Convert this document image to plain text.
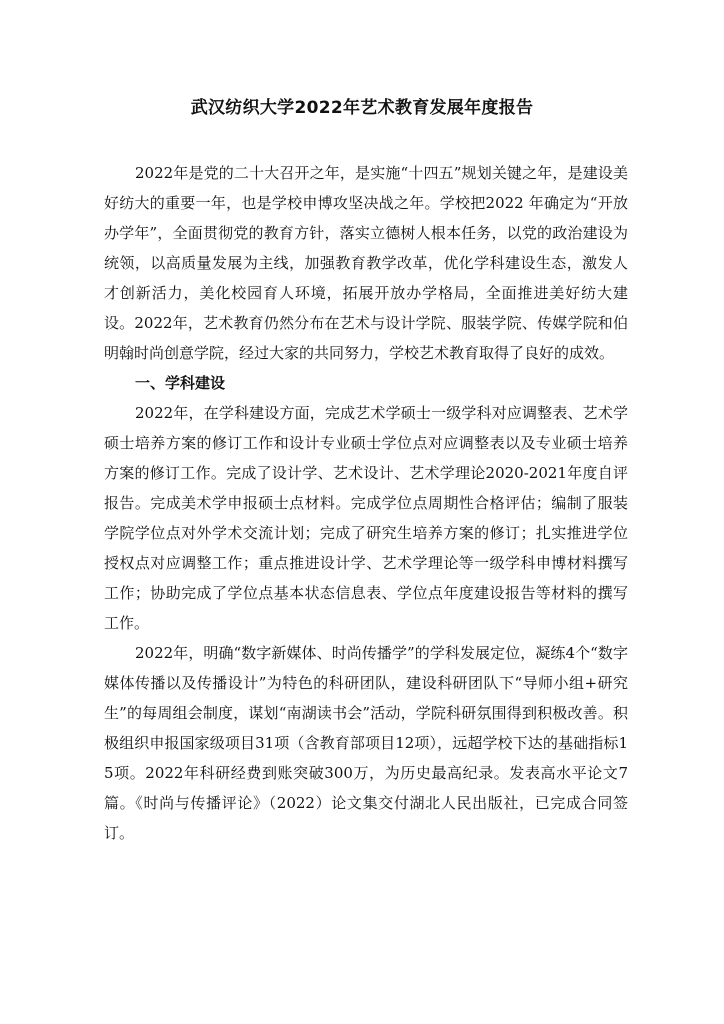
武汉纺织大学2022年艺术教育发展年度报告

2022年是党的二十大召开之年，是实施“十四五”规划关键之年，是建设美好纺大的重要一年，也是学校申博攻坚决战之年。学校把2022 年确定为“开放办学年”，全面贯彻党的教育方针，落实立德树人根本任务，以党的政治建设为统领，以高质量发展为主线，加强教育教学改革，优化学科建设生态，激发人才创新活力，美化校园育人环境，拓展开放办学格局，全面推进美好纺大建设。2022年，艺术教育仍然分布在艺术与设计学院、服装学院、传媒学院和伯明翰时尚创意学院，经过大家的共同努力，学校艺术教育取得了良好的成效。

一、学科建设

2022年，在学科建设方面，完成艺术学硕士一级学科对应调整表、艺术学硕士培养方案的修订工作和设计专业硕士学位点对应调整表以及专业硕士培养方案的修订工作。完成了设计学、艺术设计、艺术学理论2020-2021年度自评报告。完成美术学申报硕士点材料。完成学位点周期性合格评估；编制了服装学院学位点对外学术交流计划；完成了研究生培养方案的修订；扎实推进学位授权点对应调整工作；重点推进设计学、艺术学理论等一级学科申博材料撰写工作；协助完成了学位点基本状态信息表、学位点年度建设报告等材料的撰写工作。

2022年，明确“数字新媒体、时尚传播学”的学科发展定位，凝练4个“数字媒体传播以及传播设计”为特色的科研团队，建设科研团队下“导师小组+研究生”的每周组会制度，谋划“南湖读书会”活动，学院科研氛围得到积极改善。积极组织申报国家级项目31项（含教育部项目12项），远超学校下达的基础指标15项。2022年科研经费到账突破300万，为历史最高纪录。发表高水平论文7篇。《时尚与传播评论》（2022）论文集交付湖北人民出版社，已完成合同签订。
